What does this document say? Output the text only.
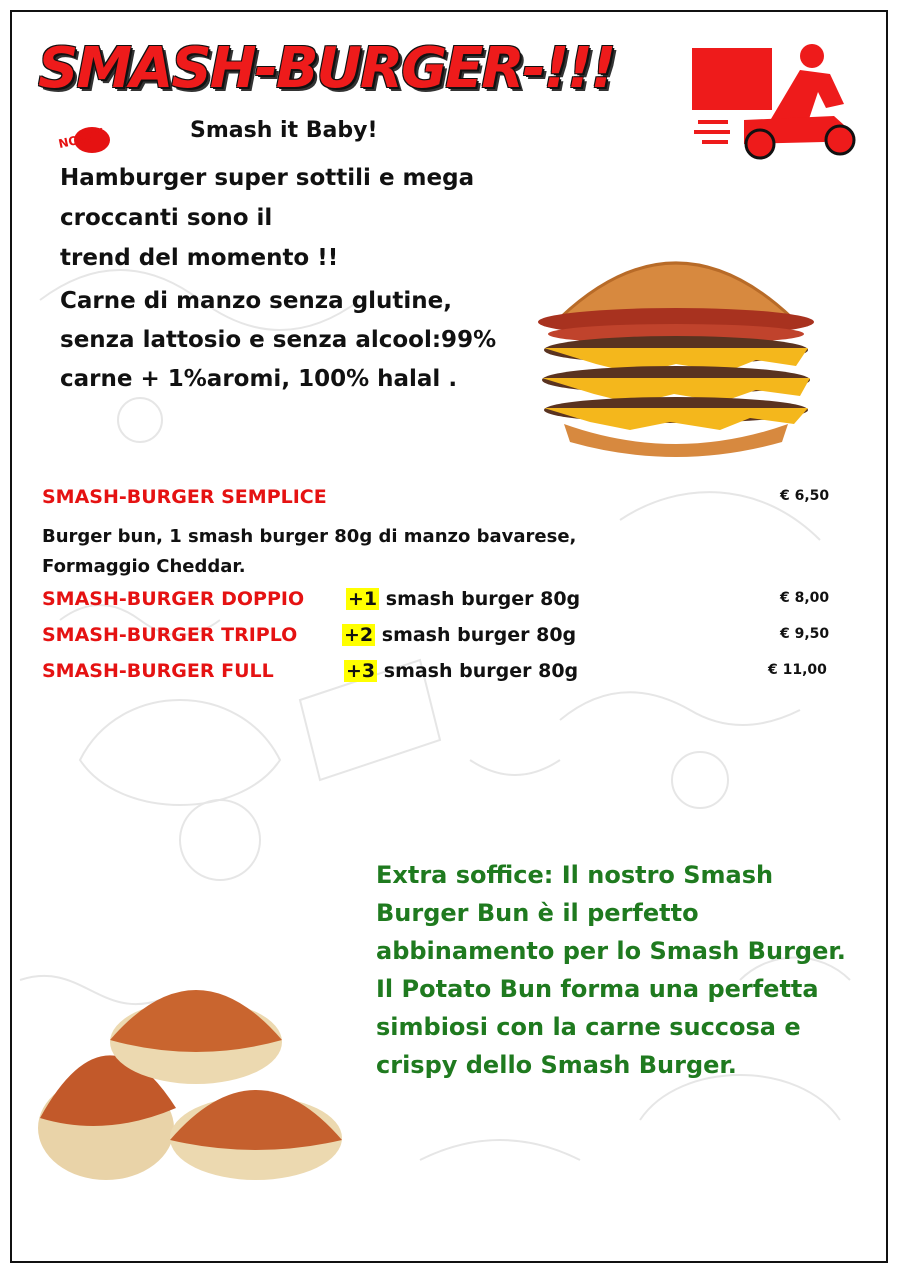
SMASH-BURGER-!!!
NOVITÀ	Smash it Baby!
Hamburger super sottili e mega
croccanti sono il
trend del momento !!
Carne di manzo senza glutine, senza lattosio e senza alcool:99% carne + 1%aromi, 100% halal .
SMASH-BURGER SEMPLICE	€ 6,50
Burger bun, 1 smash burger 80g di manzo bavarese,
Formaggio Cheddar.
SMASH-BURGER DOPPIO +1 smash burger 80g	€ 8,00
SMASH-BURGER TRIPLO +2 smash burger 80g	€ 9,50
SMASH-BURGER FULL	+3 smash burger 80g	€ 11,00
Extra soffice: Il nostro Smash Burger Bun è il perfetto abbinamento per lo Smash Burger. Il Potato Bun forma una perfetta simbiosi con la carne succosa e crispy dello Smash Burger.
